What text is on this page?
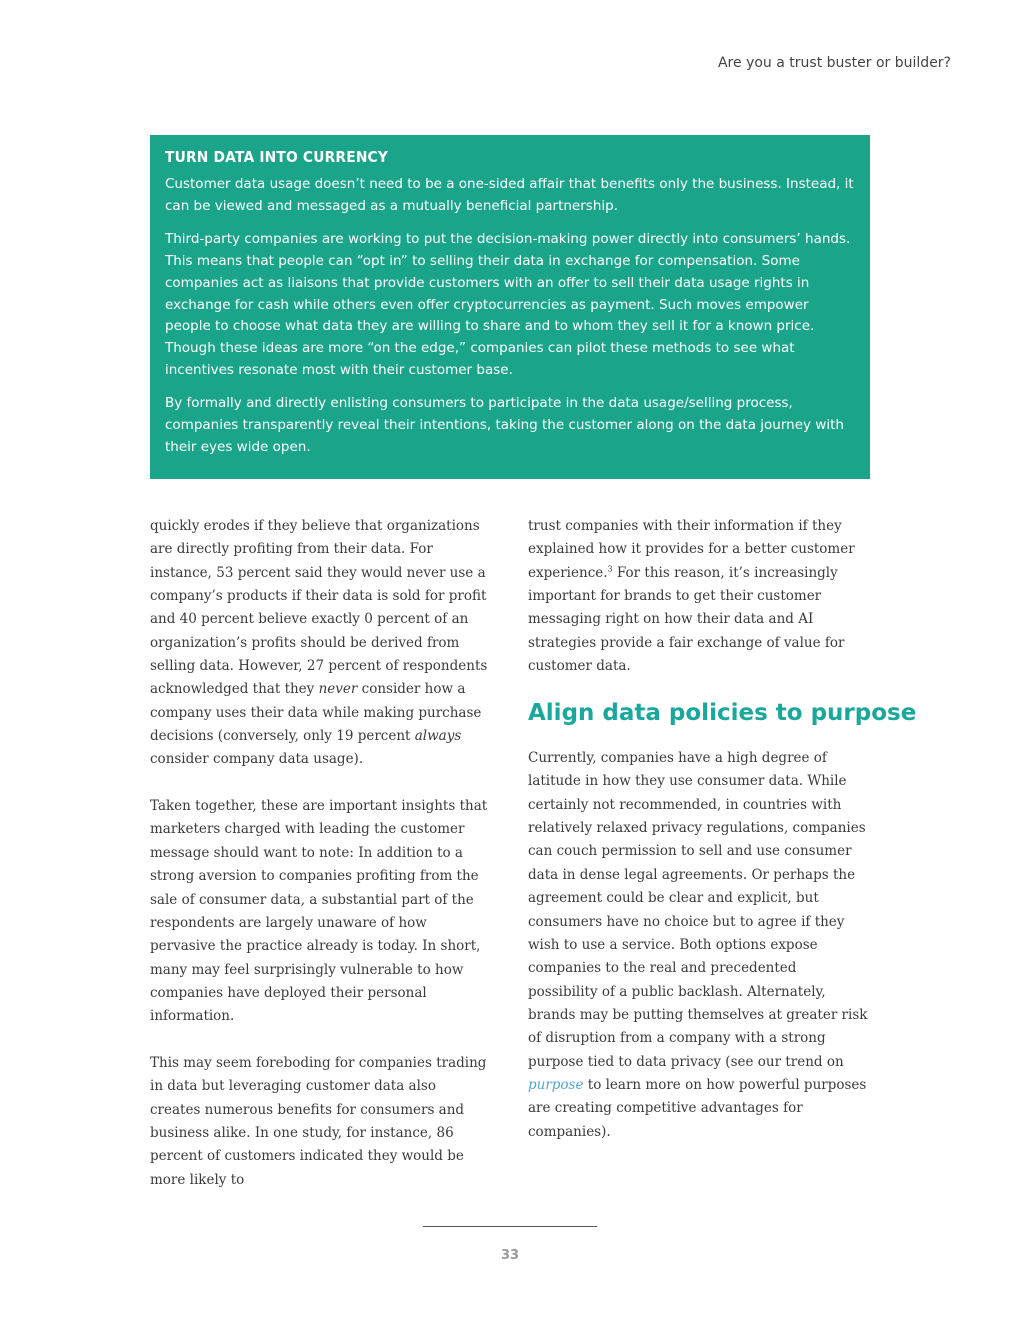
Are you a trust buster or builder?
TURN DATA INTO CURRENCY

Customer data usage doesn’t need to be a one-sided affair that benefits only the business. Instead, it can be viewed and messaged as a mutually beneficial partnership.

Third-party companies are working to put the decision-making power directly into consumers’ hands. This means that people can “opt in” to selling their data in exchange for compensation. Some companies act as liaisons that provide customers with an offer to sell their data usage rights in exchange for cash while others even offer cryptocurrencies as payment. Such moves empower people to choose what data they are willing to share and to whom they sell it for a known price. Though these ideas are more “on the edge,” companies can pilot these methods to see what incentives resonate most with their customer base.

By formally and directly enlisting consumers to participate in the data usage/selling process, companies transparently reveal their intentions, taking the customer along on the data journey with their eyes wide open.

quickly erodes if they believe that organizations are directly profiting from their data. For instance, 53 percent said they would never use a company’s products if their data is sold for profit and 40 percent believe exactly 0 percent of an organization’s profits should be derived from selling data. However, 27 percent of respondents acknowledged that they never consider how a company uses their data while making purchase decisions (conversely, only 19 percent always consider company data usage).

Taken together, these are important insights that marketers charged with leading the customer message should want to note: In addition to a strong aversion to companies profiting from the sale of consumer data, a substantial part of the respondents are largely unaware of how pervasive the practice already is today. In short, many may feel surprisingly vulnerable to how companies have deployed their personal information.

This may seem foreboding for companies trading in data but leveraging customer data also creates numerous benefits for consumers and business alike. In one study, for instance, 86 percent of customers indicated they would be more likely to

trust companies with their information if they explained how it provides for a better customer experience.$^3$ For this reason, it’s increasingly important for brands to get their customer messaging right on how their data and AI strategies provide a fair exchange of value for customer data.

Align data policies to purpose

Currently, companies have a high degree of latitude in how they use consumer data. While certainly not recommended, in countries with relatively relaxed privacy regulations, companies can couch permission to sell and use consumer data in dense legal agreements. Or perhaps the agreement could be clear and explicit, but consumers have no choice but to agree if they wish to use a service. Both options expose companies to the real and precedented possibility of a public backlash. Alternately, brands may be putting themselves at greater risk of disruption from a company with a strong purpose tied to data privacy (see our trend on purpose to learn more on how powerful purposes are creating competitive advantages for companies).

33
